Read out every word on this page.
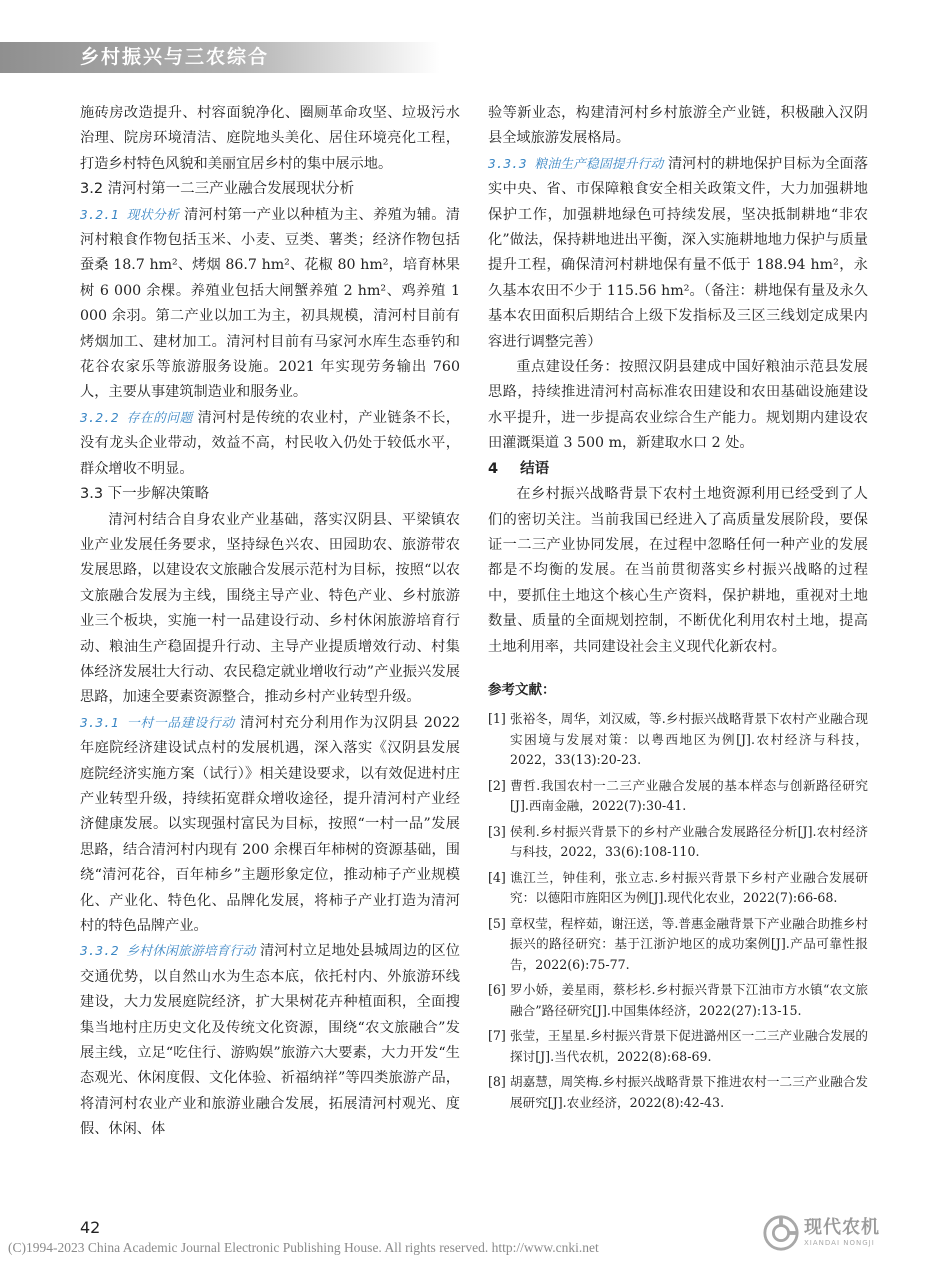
乡村振兴与三农综合

施砖房改造提升、村容面貌净化、圈厕革命攻坚、垃圾污水治理、院房环境清洁、庭院地头美化、居住环境亮化工程，打造乡村特色风貌和美丽宜居乡村的集中展示地。

3.2 清河村第一二三产业融合发展现状分析

3.2.1 现状分析 清河村第一产业以种植为主、养殖为辅。清河村粮食作物包括玉米、小麦、豆类、薯类；经济作物包括蚕桑 18.7 hm²、烤烟 86.7 hm²、花椒 80 hm²，培育林果树 6 000 余棵。养殖业包括大闸蟹养殖 2 hm²、鸡养殖 1 000 余羽。第二产业以加工为主，初具规模，清河村目前有烤烟加工、建材加工。清河村目前有马家河水库生态垂钓和花谷农家乐等旅游服务设施。2021 年实现劳务输出 760 人，主要从事建筑制造业和服务业。

3.2.2 存在的问题 清河村是传统的农业村，产业链条不长，没有龙头企业带动，效益不高，村民收入仍处于较低水平，群众增收不明显。

3.3 下一步解决策略

清河村结合自身农业产业基础，落实汉阴县、平梁镇农业产业发展任务要求，坚持绿色兴农、田园助农、旅游带农发展思路，以建设农文旅融合发展示范村为目标，按照“以农文旅融合发展为主线，围绕主导产业、特色产业、乡村旅游业三个板块，实施一村一品建设行动、乡村休闲旅游培育行动、粮油生产稳固提升行动、主导产业提质增效行动、村集体经济发展壮大行动、农民稳定就业增收行动”产业振兴发展思路，加速全要素资源整合，推动乡村产业转型升级。

3.3.1 一村一品建设行动 清河村充分利用作为汉阴县 2022 年庭院经济建设试点村的发展机遇，深入落实《汉阴县发展庭院经济实施方案（试行）》相关建设要求，以有效促进村庄产业转型升级，持续拓宽群众增收途径，提升清河村产业经济健康发展。以实现强村富民为目标，按照“一村一品”发展思路，结合清河村内现有 200 余棵百年柿树的资源基础，围绕“清河花谷，百年柿乡”主题形象定位，推动柿子产业规模化、产业化、特色化、品牌化发展，将柿子产业打造为清河村的特色品牌产业。

3.3.2 乡村休闲旅游培育行动 清河村立足地处县城周边的区位交通优势，以自然山水为生态本底，依托村内、外旅游环线建设，大力发展庭院经济，扩大果树花卉种植面积，全面搜集当地村庄历史文化及传统文化资源，围绕“农文旅融合”发展主线，立足“吃住行、游购娱”旅游六大要素，大力开发“生态观光、休闲度假、文化体验、祈福纳祥”等四类旅游产品，将清河村农业产业和旅游业融合发展，拓展清河村观光、度假、休闲、体

验等新业态，构建清河村乡村旅游全产业链，积极融入汉阴县全域旅游发展格局。

3.3.3 粮油生产稳固提升行动 清河村的耕地保护目标为全面落实中央、省、市保障粮食安全相关政策文件，大力加强耕地保护工作，加强耕地绿色可持续发展，坚决抵制耕地“非农化”做法，保持耕地进出平衡，深入实施耕地地力保护与质量提升工程，确保清河村耕地保有量不低于 188.94 hm²，永久基本农田不少于 115.56 hm²。（备注：耕地保有量及永久基本农田面积后期结合上级下发指标及三区三线划定成果内容进行调整完善）

重点建设任务：按照汉阴县建成中国好粮油示范县发展思路，持续推进清河村高标准农田建设和农田基础设施建设水平提升，进一步提高农业综合生产能力。规划期内建设农田灌溉渠道 3 500 m，新建取水口 2 处。

4 结语

在乡村振兴战略背景下农村土地资源利用已经受到了人们的密切关注。当前我国已经进入了高质量发展阶段，要保证一二三产业协同发展，在过程中忽略任何一种产业的发展都是不均衡的发展。在当前贯彻落实乡村振兴战略的过程中，要抓住土地这个核心生产资料，保护耕地，重视对土地数量、质量的全面规划控制，不断优化利用农村土地，提高土地利用率，共同建设社会主义现代化新农村。

参考文献：

[1] 张裕冬，周华，刘汉威，等.乡村振兴战略背景下农村产业融合现实困境与发展对策：以粤西地区为例[J].农村经济与科技，2022，33(13):20-23.
[2] 曹哲.我国农村一二三产业融合发展的基本样态与创新路径研究[J].西南金融，2022(7):30-41.
[3] 侯利.乡村振兴背景下的乡村产业融合发展路径分析[J].农村经济与科技，2022，33(6):108-110.
[4] 谯江兰，钟佳利，张立志.乡村振兴背景下乡村产业融合发展研究：以德阳市旌阳区为例[J].现代化农业，2022(7):66-68.
[5] 章权莹，程梓茹，谢汪送，等.普惠金融背景下产业融合助推乡村振兴的路径研究：基于江浙沪地区的成功案例[J].产品可靠性报告，2022(6):75-77.
[6] 罗小娇，姜星雨，蔡杉杉.乡村振兴背景下江油市方水镇“农文旅融合”路径研究[J].中国集体经济，2022(27):13-15.
[7] 张莹，王星星.乡村振兴背景下促进潞州区一二三产业融合发展的探讨[J].当代农机，2022(8):68-69.
[8] 胡嘉慧，周笑梅.乡村振兴战略背景下推进农村一二三产业融合发展研究[J].农业经济，2022(8):42-43.
42	现代农机
XIANDAI NONGJI
(C)1994-2023 China Academic Journal Electronic Publishing House. All rights reserved. http://www.cnki.net
